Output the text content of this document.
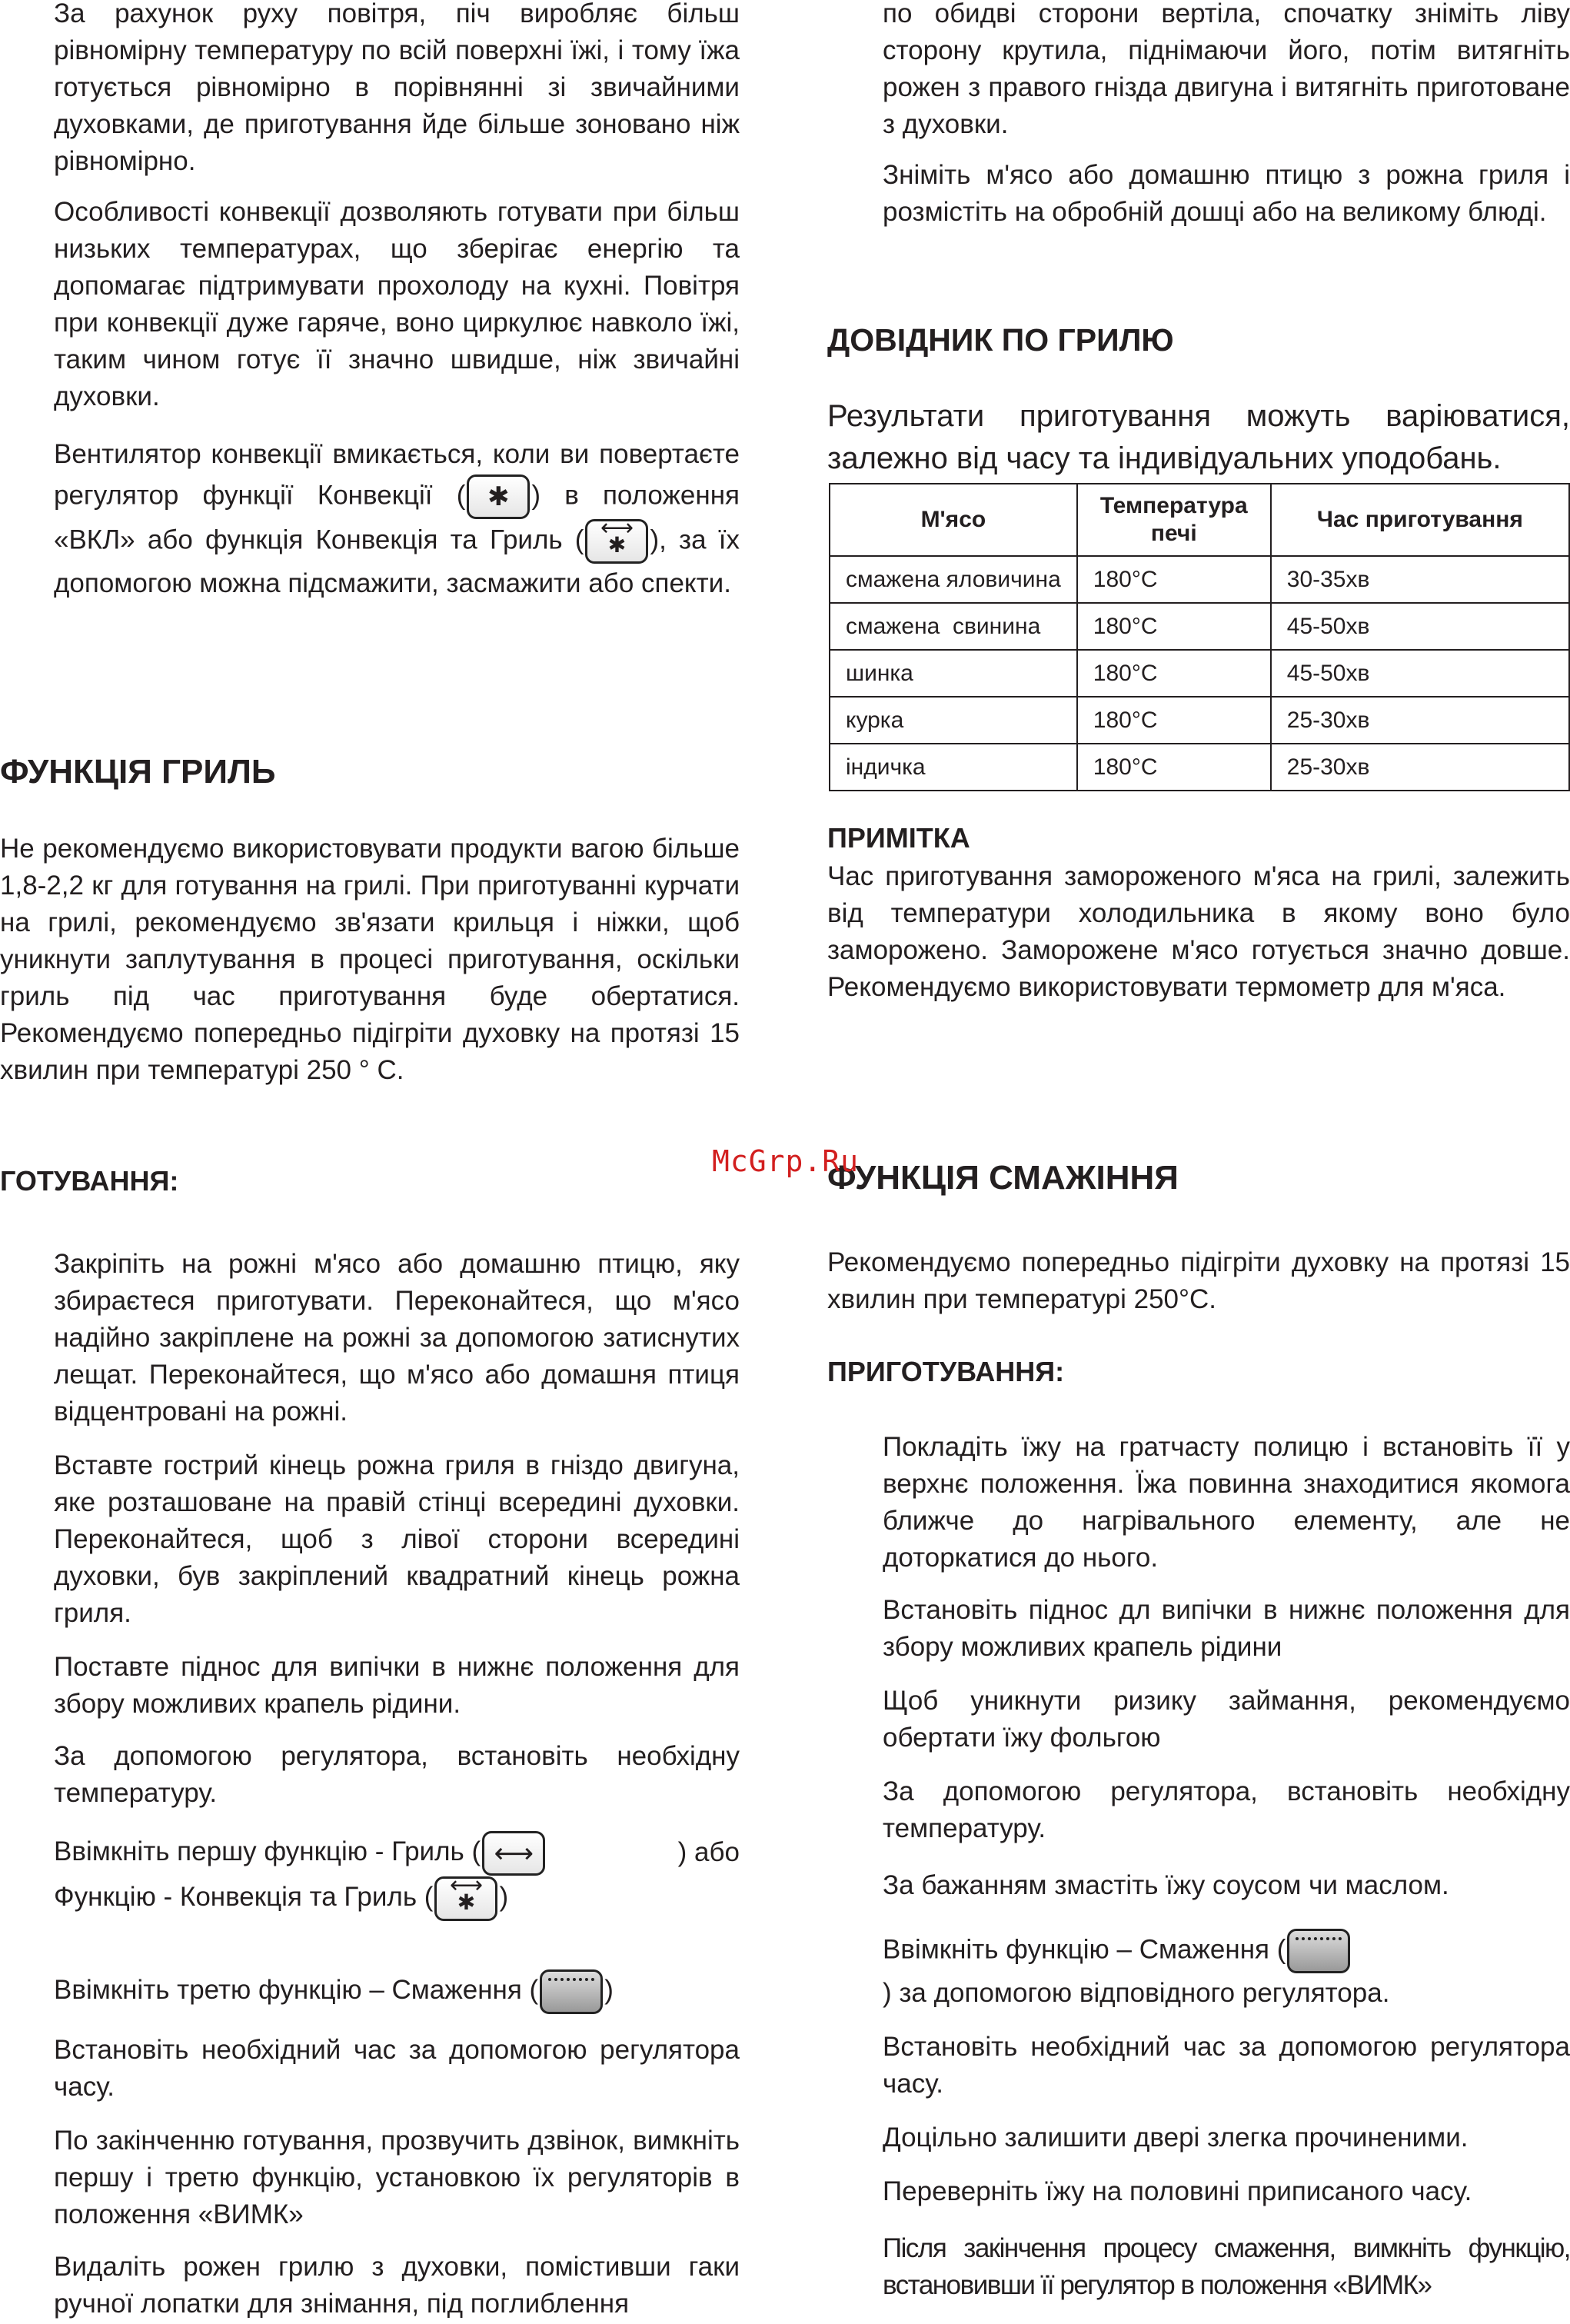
За рахунок руху повітря, піч виробляє більш рівномірну температуру по всій поверхні їжі, і тому їжа готується рівномірно в порівнянні зі звичайними духовками, де приготування йде більше зоновано ніж рівномірно.

Особливості конвекції дозволяють готувати при більш низьких температурах, що зберігає енергію та допомагає підтримувати прохолоду на кухні. Повітря при конвекції дуже гаряче, воно циркулює навколо їжі, таким чином готує її значно швидше, ніж звичайні духовки.

Вентилятор конвекції вмикається, коли ви повертаєте регулятор функції Конвекції ( ✱ ) в положення «ВКЛ» або функція Конвекція та Гриль ( ⟷ ✱ ), за їх допомогою можна підсмажити, засмажити або спекти.
ФУНКЦІЯ ГРИЛЬ

Не рекомендуємо використовувати продукти вагою більше 1,8-2,2 кг для готування на грилі. При приготуванні курчати на грилі, рекомендуємо зв'язати крильця і ніжки, щоб уникнути заплутування в процесі приготування, оскільки гриль під час приготування буде обертатися. Рекомендуємо попередньо підігріти духовку на протязі 15 хвилин при температурі 250 ° С.

ГОТУВАННЯ:

Закріпіть на рожні м'ясо або домашню птицю, яку збираєтеся приготувати. Переконайтеся, що м'ясо надійно закріплене на рожні за допомогою затиснутих лещат. Переконайтеся, що м'ясо або домашня птиця відцентровані на рожні.

Вставте гострий кінець рожна гриля в гніздо двигуна, яке розташоване на правій стінці всередині духовки. Переконайтеся, щоб з лівої сторони всередині духовки, був закріплений квадратний кінець рожна гриля.

Поставте піднос для випічки в нижнє положення для збору можливих крапель рідини.

За допомогою регулятора, встановіть необхідну температуру.

Ввімкніть першу функцію - Гриль ( ⟷	) або
Функцію - Конвекція та Гриль ( ⟷ ✱ )
Ввімкніть третю функцію – Смаження ( )

Встановіть необхідний час за допомогою регулятора часу.

По закінченню готування, прозвучить дзвінок, вимкніть першу і третю функцію, установкою їх регуляторів в положення «ВИМК»

Видаліть рожен грилю з духовки, помістивши гаки ручної лопатки для знімання, під поглиблення

по обидві сторони вертіла, спочатку зніміть ліву сторону крутила, піднімаючи його, потім витягніть рожен з правого гнізда двигуна і витягніть приготоване з духовки.

Зніміть м'ясо або домашню птицю з рожна гриля і розмістіть на обробній дошці або на великому блюді.

ДОВІДНИК ПО ГРИЛЮ

Результати приготування можуть варіюватися, залежно від часу та індивідуальних уподобань.

ПРИМІТКА

Час приготування замороженого м'яса на грилі, залежить від температури холодильника в якому воно було заморожено. Заморожене м'ясо готується значно довше. Рекомендуємо використовувати термометр для м'яса.

ФУНКЦІЯ СМАЖІННЯ

Рекомендуємо попередньо підігріти духовку на протязі 15 хвилин при температурі 250°С.

ПРИГОТУВАННЯ:

Покладіть їжу на гратчасту полицю і встановіть її у верхнє положення. Їжа повинна знаходитися якомога ближче до нагрівального елементу, але не доторкатися до нього.

Встановіть піднос дл випічки в нижнє положення для збору можливих крапель рідини

Щоб уникнути ризику займання, рекомендуємо обертати їжу фольгою

За допомогою регулятора, встановіть необхідну температуру.

За бажанням змастіть їжу соусом чи маслом.

Ввімкніть функцію – Смаження (
) за допомогою відповідного регулятора.

Встановіть необхідний час за допомогою регулятора часу.

Доцільно залишити двері злегка прочиненими.

Переверніть їжу на половині приписаного часу.

Після закінчення процесу смаження, вимкніть функцію, встановивши її регулятор в положення «ВИМК»

М'ясо	Температура печі	Час приготування
смажена яловичина	180°C	30-35хв
смажена  свинина	180°C	45-50хв
шинка	180°C	45-50хв
курка	180°C	25-30хв
індичка	180°C	25-30хв
McGrp.Ru
